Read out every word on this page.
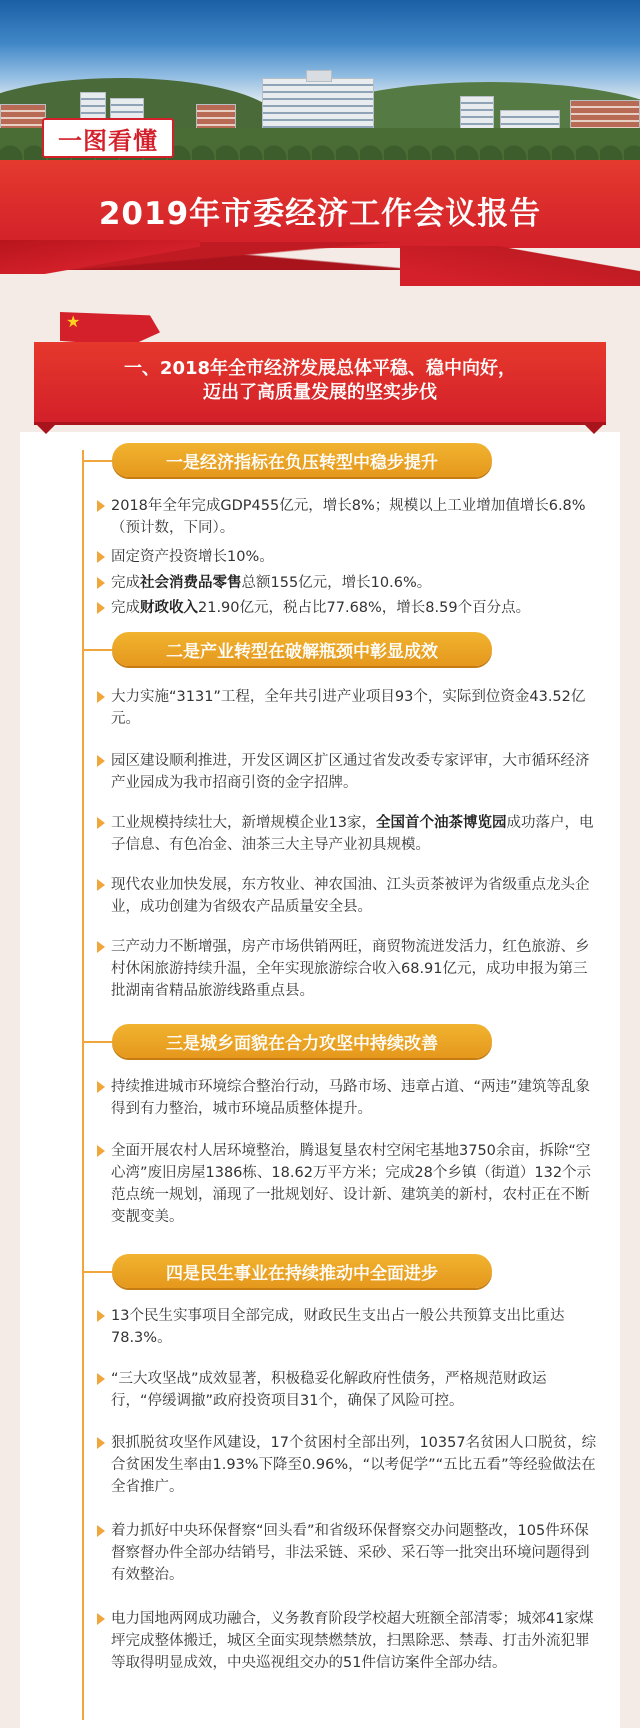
一图看懂
2019年市委经济工作会议报告
★
一、2018年全市经济发展总体平稳、稳中向好，
迈出了高质量发展的坚实步伐
一是经济指标在负压转型中稳步提升
2018年全年完成GDP455亿元，增长8%；规模以上工业增加值增长6.8%（预计数，下同）。
固定资产投资增长10%。
完成社会消费品零售总额155亿元，增长10.6%。
完成财政收入21.90亿元，税占比77.68%，增长8.59个百分点。
二是产业转型在破解瓶颈中彰显成效
大力实施“3131”工程，全年共引进产业项目93个，实际到位资金43.52亿元。
园区建设顺利推进，开发区调区扩区通过省发改委专家评审，大市循环经济产业园成为我市招商引资的金字招牌。
工业规模持续壮大，新增规模企业13家，全国首个油茶博览园成功落户，电子信息、有色冶金、油茶三大主导产业初具规模。
现代农业加快发展，东方牧业、神农国油、江头贡茶被评为省级重点龙头企业，成功创建为省级农产品质量安全县。
三产动力不断增强，房产市场供销两旺，商贸物流迸发活力，红色旅游、乡村休闲旅游持续升温，全年实现旅游综合收入68.91亿元，成功申报为第三批湖南省精品旅游线路重点县。
三是城乡面貌在合力攻坚中持续改善
持续推进城市环境综合整治行动，马路市场、违章占道、“两违”建筑等乱象得到有力整治，城市环境品质整体提升。
全面开展农村人居环境整治，腾退复垦农村空闲宅基地3750余亩，拆除“空心湾”废旧房屋1386栋、18.62万平方米；完成28个乡镇（街道）132个示范点统一规划，涌现了一批规划好、设计新、建筑美的新村，农村正在不断变靓变美。
四是民生事业在持续推动中全面进步
13个民生实事项目全部完成，财政民生支出占一般公共预算支出比重达78.3%。
“三大攻坚战”成效显著，积极稳妥化解政府性债务，严格规范财政运行，“停缓调撤”政府投资项目31个，确保了风险可控。
狠抓脱贫攻坚作风建设，17个贫困村全部出列，10357名贫困人口脱贫，综合贫困发生率由1.93%下降至0.96%，“以考促学”“五比五看”等经验做法在全省推广。
着力抓好中央环保督察“回头看”和省级环保督察交办问题整改，105件环保督察督办件全部办结销号，非法采链、采砂、采石等一批突出环境问题得到有效整治。
电力国地两网成功融合，义务教育阶段学校超大班额全部清零；城郊41家煤坪完成整体搬迁，城区全面实现禁燃禁放，扫黑除恶、禁毒、打击外流犯罪等取得明显成效，中央巡视组交办的51件信访案件全部办结。
